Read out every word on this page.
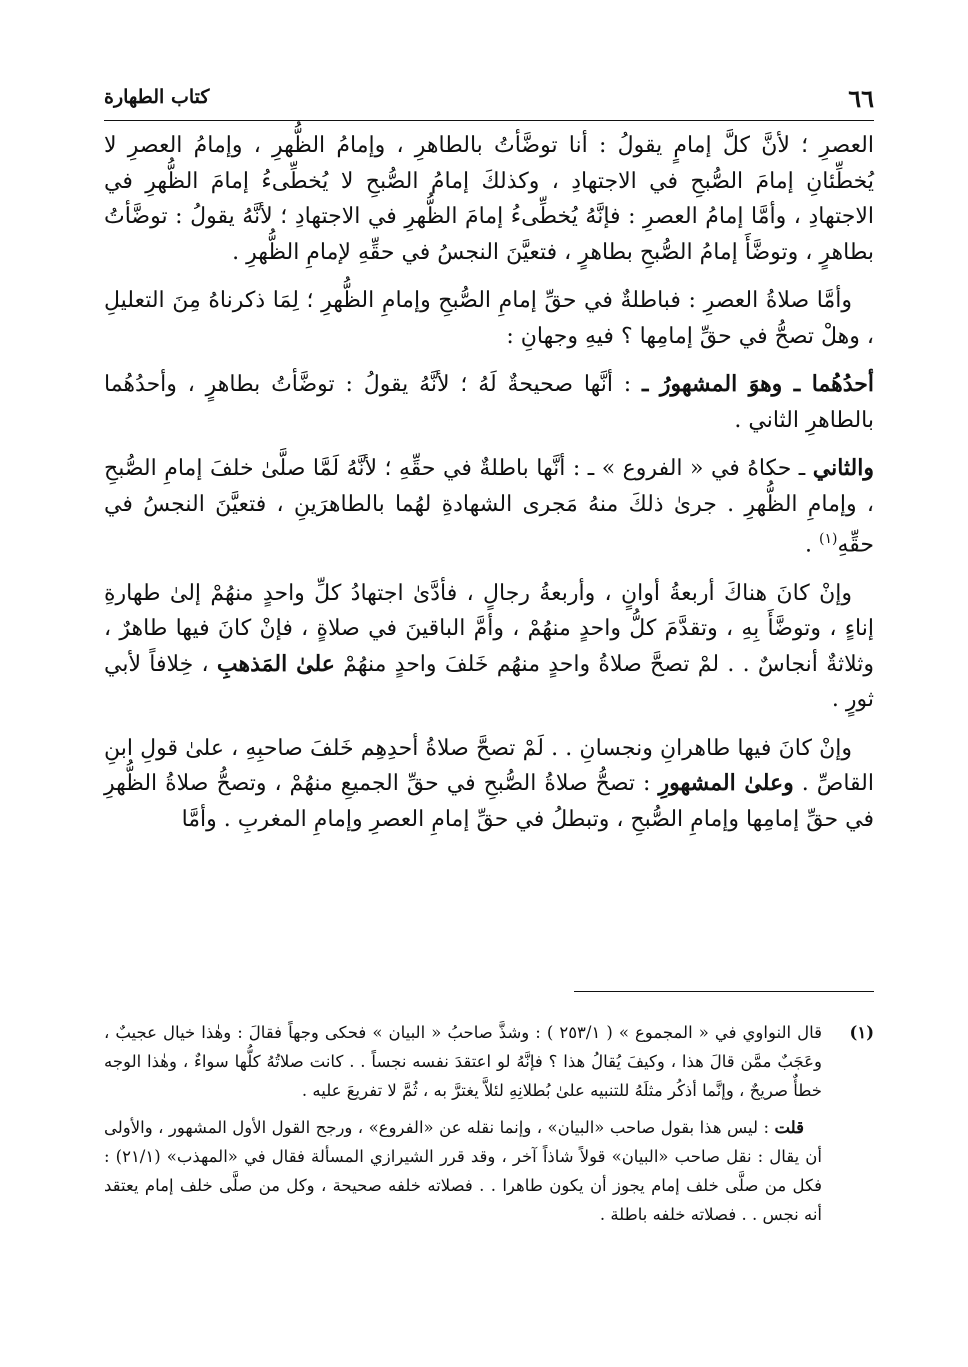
٦٦
كتاب الطهارة

العصرِ ؛ لأنَّ كلَّ إمامٍ يقولُ : أنا توضَّأتُ بالطاهرِ ، وإمامُ الظُّهرِ ، وإمامُ العصرِ لا يُخطِّئانِ إمامَ الصُّبحِ في الاجتهادِ ، وكذلكَ إمامُ الصُّبحِ لا يُخطِّىءُ إمامَ الظُّهرِ في الاجتهادِ ، وأمَّا إمامُ العصرِ : فإنَّهُ يُخطِّىءُ إمامَ الظُّهرِ في الاجتهادِ ؛ لأنَّهُ يقولُ : توضَّأتُ بطاهرٍ ، وتوضَّأَ إمامُ الصُّبحِ بطاهرٍ ، فتعيَّنَ النجسُ في حقِّهِ لإمامِ الظُّهرِ .

وأمَّا صلاةُ العصرِ : فباطلةٌ في حقِّ إمامِ الصُّبحِ وإمامِ الظُّهرِ ؛ لِمَا ذكرناهُ مِنَ التعليلِ ، وهلْ تصحُّ في حقِّ إمامِها ؟ فيهِ وجهانِ :

أحدُهُما ـ وهوَ المشهورُ ـ : أنَّها صحيحةٌ لَهُ ؛ لأنَّهُ يقولُ : توضَّأتُ بطاهرٍ ، وأحدُهُما بالطاهرِ الثاني .

والثاني ـ حكاهُ في « الفروع » ـ : أنَّها باطلةٌ في حقِّهِ ؛ لأنَّهُ لَمَّا صلَّىٰ خلفَ إمامِ الصُّبحِ ، وإمامِ الظُّهرِ . جرىٰ ذلكَ منهُ مَجرى الشهادةِ لهُما بالطاهرَينِ ، فتعيَّنَ النجسُ في حقِّهِ$^{(١)}$ .

وإنْ كانَ هناكَ أربعةُ أوانٍ ، وأربعةُ رجالٍ ، فأدَّىٰ اجتهادُ كلِّ واحدٍ منهُمْ إلىٰ طهارةِ إناءٍ ، وتوضَّأَ بِهِ ، وتقدَّمَ كلُّ واحدٍ منهُمْ ، وأمَّ الباقينَ في صلاةٍ ، فإنْ كانَ فيها طاهرٌ ، وثلاثةٌ أنجاسٌ . . لمْ تصحَّ صلاةُ واحدٍ منهُم خَلفَ واحدٍ منهُمْ علىٰ المَذهبِ ، خِلافاً لأبي ثورٍ .

وإنْ كانَ فيها طاهرانِ ونجسانِ . . لَمْ تصحَّ صلاةُ أحدِهِم خَلفَ صاحبِهِ ، علىٰ قولِ ابنِ القاصِّ . وعلىٰ المشهورِ : تصحُّ صلاةُ الصُّبحِ في حقِّ الجميعِ منهُمْ ، وتصحُّ صلاةُ الظُّهرِ في حقِّ إمامِها وإمامِ الصُّبحِ ، وتبطلُ في حقِّ إمامِ العصرِ وإمامِ المغربِ . وأمَّا

(١)
قال النواوي في « المجموع » ( ٢٥٣/١ ) : وشذَّ صاحبُ « البيان » فحكى وجهاً فقالَ : وهٰذا خيال عجيبٌ ، وعَجَبٌ ممَّن قالَ هذا ، وكيفَ يُقالُ هذا ؟ فإنَّهُ لو اعتقدَ نفسه نجساً . . كانت صلاتُهُ كلُّها سواءٌ ، وهٰذا الوجه خطأٌ صريحٌ ، وإنَّما أذكُر مثلَهُ للتنبيه علىٰ بُطلانِهِ لئلاَّ يغترَّ به ، ثُمَّ لا تفريعَ عليه .
قلت : ليس هذا بقول صاحب «البيان» ، وإنما نقله عن «الفروع» ، ورجح القول الأول المشهور ، والأولى أن يقال : نقل صاحب «البيان» قولاً شاذاً آخر ، وقد قرر الشيرازي المسألة فقال في «المهذب» (٢١/١) : فكل من صلَّى خلف إمام يجوز أن يكون طاهرا . . فصلاته خلفه صحيحة ، وكل من صلَّى خلف إمام يعتقد أنه نجس . . فصلاته خلفه باطلة .
